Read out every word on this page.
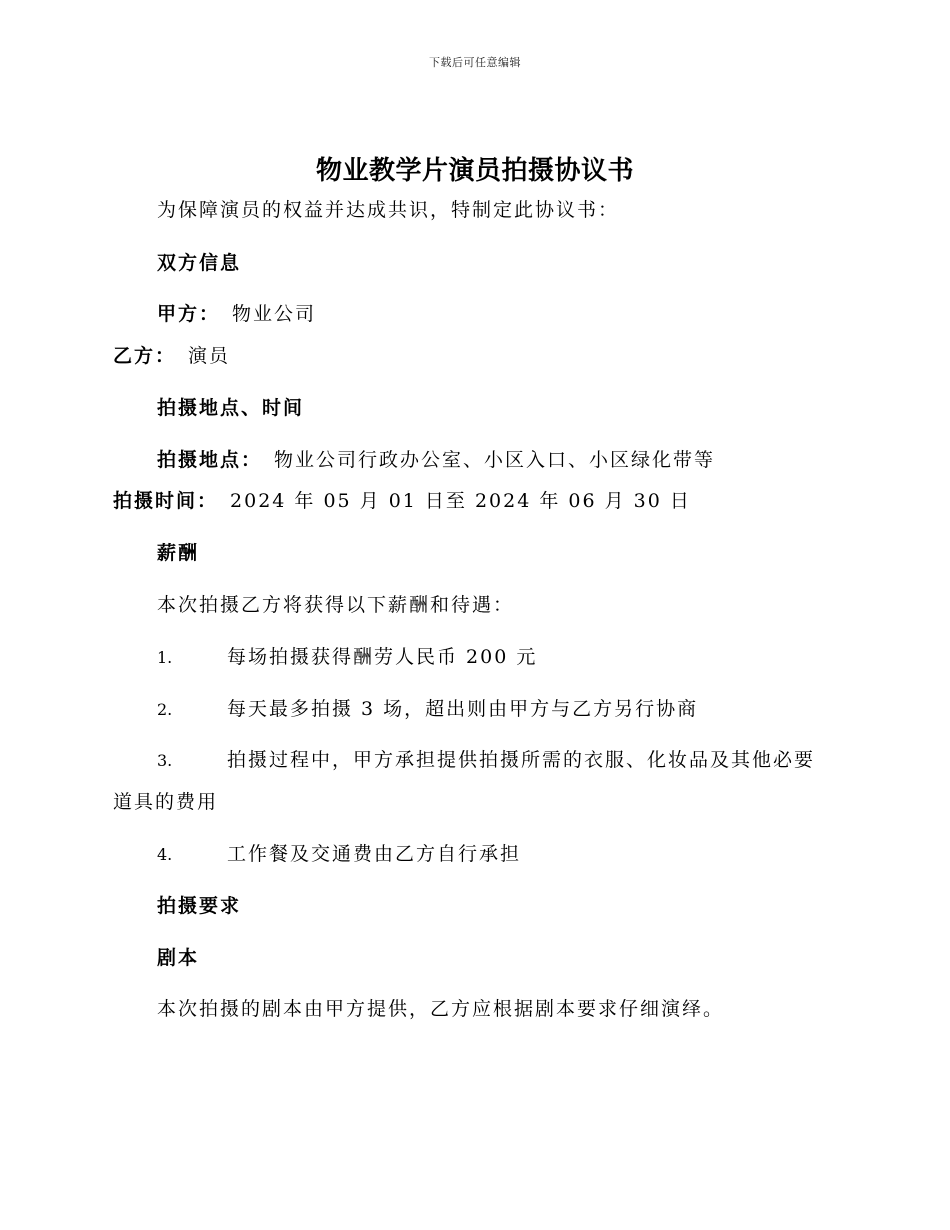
下载后可任意编辑
物业教学片演员拍摄协议书
为保障演员的权益并达成共识，特制定此协议书：
双方信息
甲方： 物业公司
乙方： 演员
拍摄地点、时间
拍摄地点： 物业公司行政办公室、小区入口、小区绿化带等
拍摄时间： 2024 年 05 月 01 日至 2024 年 06 月 30 日
薪酬
本次拍摄乙方将获得以下薪酬和待遇：
1.	每场拍摄获得酬劳人民币 200 元
2.	每天最多拍摄 3 场，超出则由甲方与乙方另行协商
3.	拍摄过程中，甲方承担提供拍摄所需的衣服、化妆品及其他必要
道具的费用
4.	工作餐及交通费由乙方自行承担
拍摄要求
剧本
本次拍摄的剧本由甲方提供，乙方应根据剧本要求仔细演绎。
